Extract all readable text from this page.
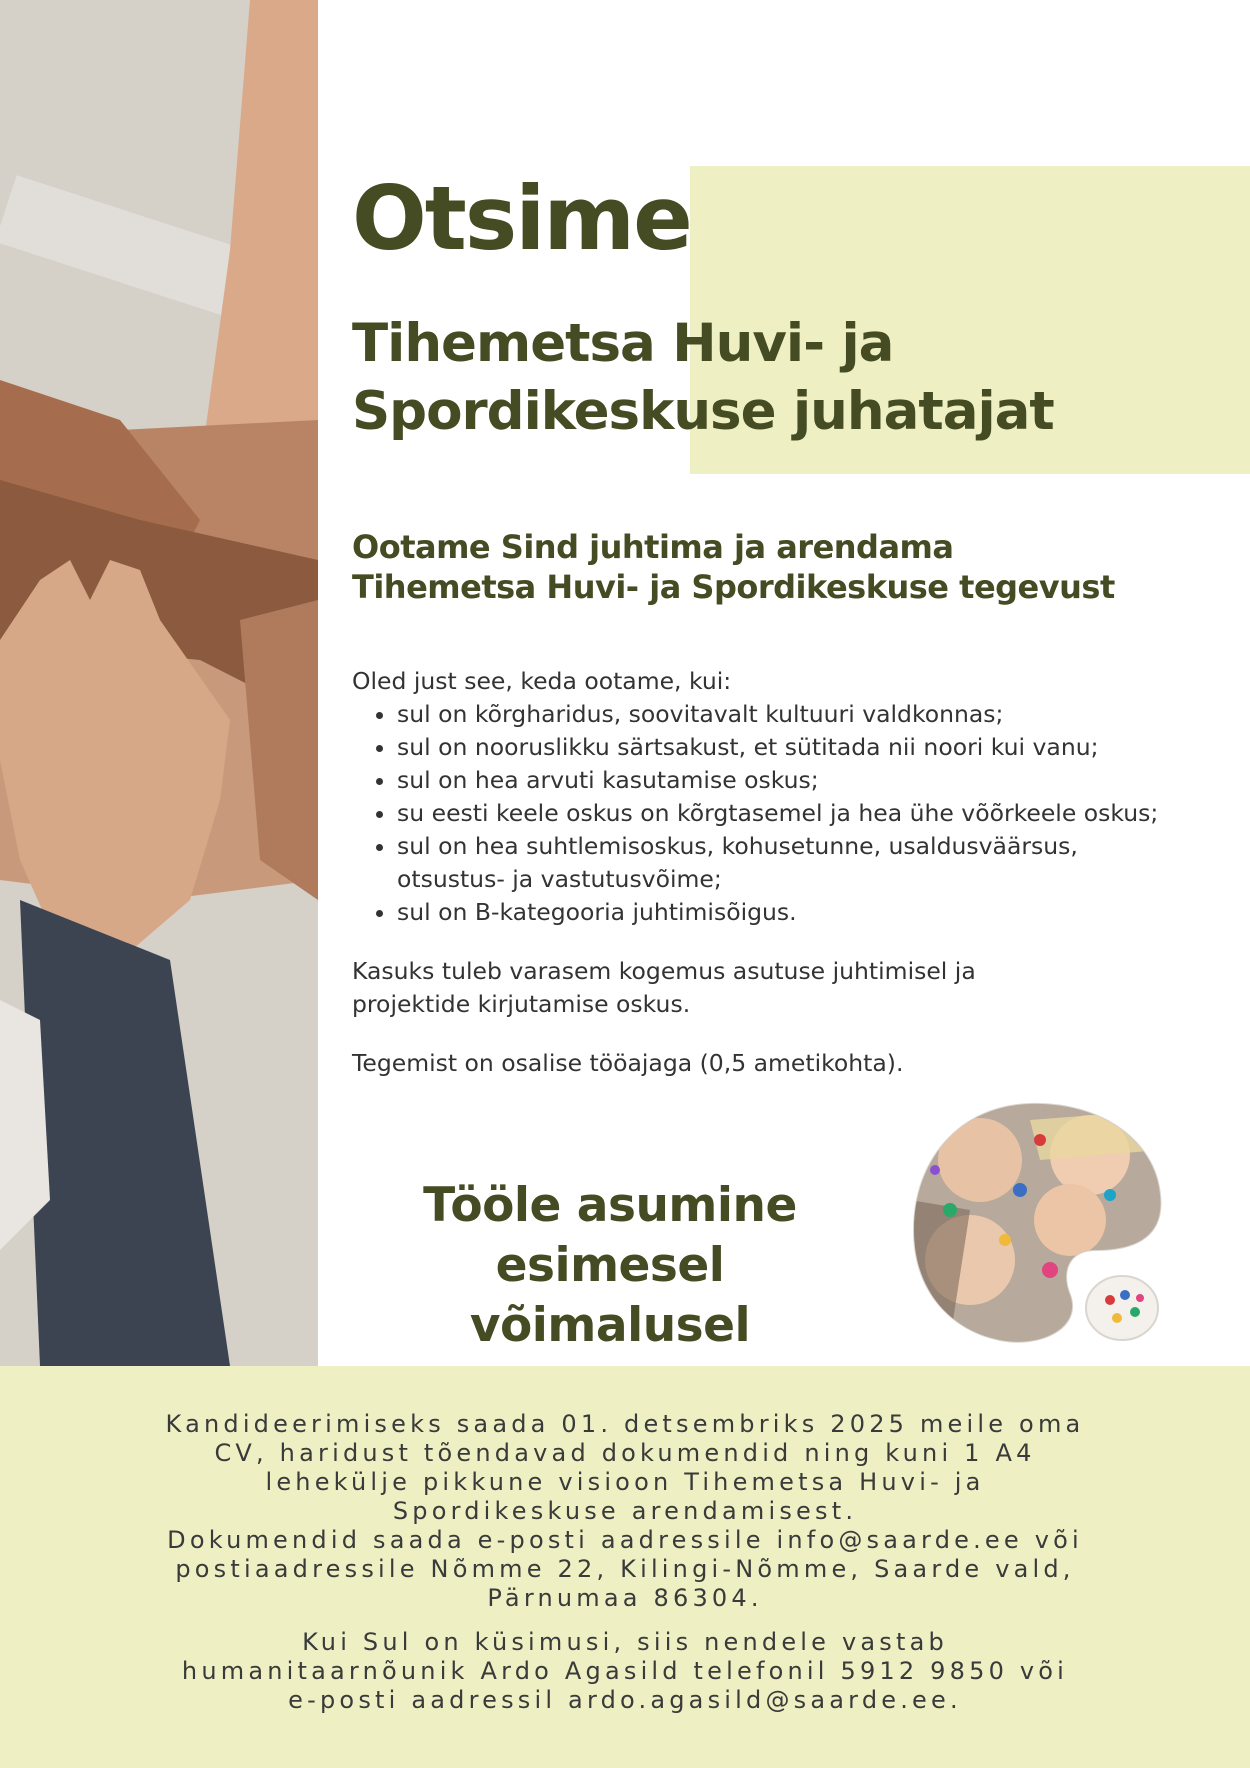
Otsime
Tihemetsa Huvi- ja
Spordikeskuse juhatajat
Ootame Sind juhtima ja arendama
Tihemetsa Huvi- ja Spordikeskuse tegevust

Oled just see, keda ootame, kui:

• sul on kõrgharidus, soovitavalt kultuuri valdkonnas;
• sul on nooruslikku särtsakust, et sütitada nii noori kui vanu;
• sul on hea arvuti kasutamise oskus;
• su eesti keele oskus on kõrgtasemel ja hea ühe võõrkeele oskus;
• sul on hea suhtlemisoskus, kohusetunne, usaldusväärsus, otsustus- ja vastutusvõime;
• sul on B-kategooria juhtimisõigus.

Kasuks tuleb varasem kogemus asutuse juhtimisel ja
projektide kirjutamise oskus.

Tegemist on osalise tööajaga (0,5 ametikohta).

Tööle asumine
esimesel võimalusel

Kandideerimiseks saada 01. detsembriks 2025 meile oma
CV, haridust tõendavad dokumendid ning kuni 1 A4
lehekülje pikkune visioon Tihemetsa Huvi- ja
Spordikeskuse arendamisest.
Dokumendid saada e-posti aadressile info@saarde.ee või
postiaadressile Nõmme 22, Kilingi-Nõmme, Saarde vald,
Pärnumaa 86304.

Kui Sul on küsimusi, siis nendele vastab
humanitaarnõunik Ardo Agasild telefonil 5912 9850 või
e-posti aadressil ardo.agasild@saarde.ee.
